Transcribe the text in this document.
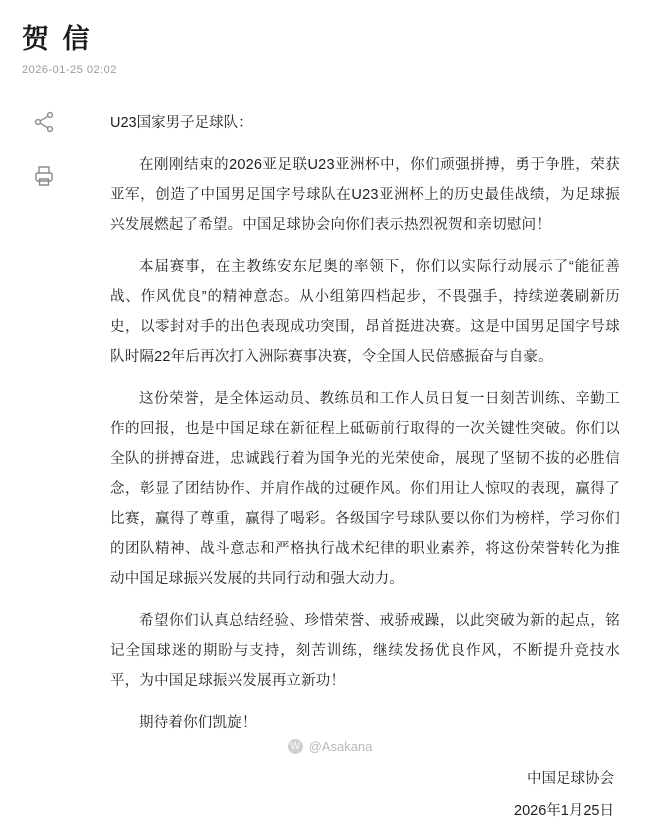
贺 信
2026-01-25 02:02

U23国家男子足球队：

在刚刚结束的2026亚足联U23亚洲杯中，你们顽强拼搏，勇于争胜，荣获亚军，创造了中国男足国字号球队在U23亚洲杯上的历史最佳战绩，为足球振兴发展燃起了希望。中国足球协会向你们表示热烈祝贺和亲切慰问！

本届赛事，在主教练安东尼奥的率领下，你们以实际行动展示了“能征善战、作风优良”的精神意态。从小组第四档起步，不畏强手，持续逆袭刷新历史，以零封对手的出色表现成功突围，昂首挺进决赛。这是中国男足国字号球队时隔22年后再次打入洲际赛事决赛，令全国人民倍感振奋与自豪。

这份荣誉，是全体运动员、教练员和工作人员日复一日刻苦训练、辛勤工作的回报，也是中国足球在新征程上砥砺前行取得的一次关键性突破。你们以全队的拼搏奋进，忠诚践行着为国争光的光荣使命，展现了坚韧不拔的必胜信念，彰显了团结协作、并肩作战的过硬作风。你们用让人惊叹的表现，赢得了比赛，赢得了尊重，赢得了喝彩。各级国字号球队要以你们为榜样，学习你们的团队精神、战斗意志和严格执行战术纪律的职业素养，将这份荣誉转化为推动中国足球振兴发展的共同行动和强大动力。

希望你们认真总结经验、珍惜荣誉、戒骄戒躁，以此突破为新的起点，铭记全国球迷的期盼与支持，刻苦训练，继续发扬优良作风，不断提升竞技水平，为中国足球振兴发展再立新功！

期待着你们凯旋！

中国足球协会
2026年1月25日
W @Asakana
